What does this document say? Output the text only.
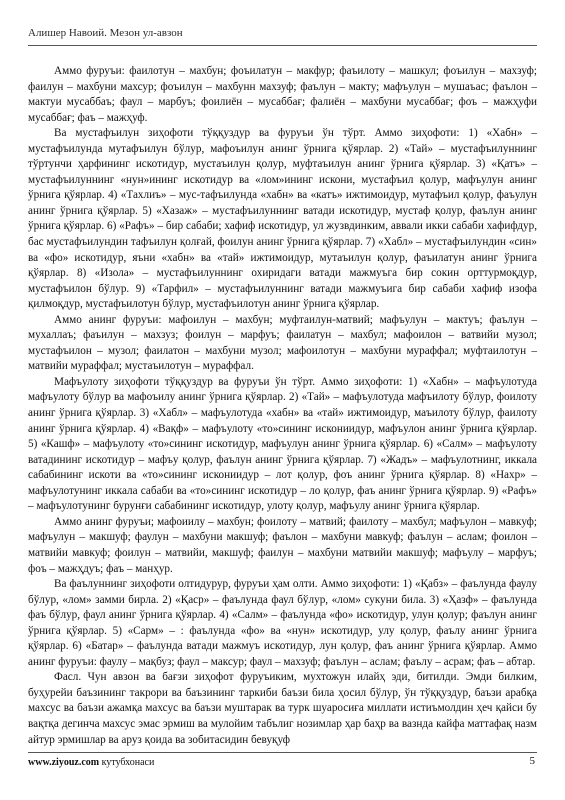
Алишер Навоий. Мезон ул-авзон

Аммо фуруъи: фаилотун – махбун; фоъилатун – макфур; фаъилоту – машкул; фоъилун – махзуф; фаилун – махбуни махсур; фоъилун – махбунн махзуф; фаълун – макту; мафъулун – мушаъас; фаълон – мактуи мусаббаъ; фаул – марбуъ; фоилиён – мусаббағ; фалиён – махбуни мусаббағ; фоъ – мажҳуфи мусаббағ; фаъ – мажҳуф.

Ва мустафъилун зиҳофоти тўққуздур ва фуруъи ўн тўрт. Аммо зиҳофоти: 1) «Хабн» – мустафъилунда мутафъилун бўлур, мафоъилун анинг ўрнига қўярлар. 2) «Тай» – мустафъилуннинг тўртунчи ҳарфининг искотидур, мустаъилун қолур, муфтаъилун анинг ўрнига қўярлар. 3) «Қатъ» – мустафъилуннинг «нун»ининг искотидур ва «лом»ининг искони, мустафъил қолур, мафъулун анинг ўрнига қўярлар. 4) «Тахлиъ» – мус-тафъилунда «хабн» ва «катъ» ижтимоидур, мутафъил қолур, фаъулун анинг ўрнига қўярлар. 5) «Хазаж» – мустафъилуннинг ватади искотидур, мустаф қолур, фаълун анинг ўрнига қўярлар. 6) «Рафъ» – бир сабаби; хафиф искотидур, ул жузвдинким, аввали икки сабаби хафифдур, бас мустафъилундин тафъилун қолғай, фоилун анинг ўрнига қўярлар. 7) «Хабл» – мустафъилундин «син» ва «фо» искотидур, яъни «хабн» ва «тай» ижтимоидур, мутаъилун қолур, фаъилатун анинг ўрнига қўярлар. 8) «Изола» – мустафъилуннинг охиридаги ватади мажмуъга бир сокин орттурмоқдур, мустафъилон бўлур. 9) «Тарфил» – мустафъилуннинг ватади мажмуъига бир сабаби хафиф изофа қилмоқдур, мустафъилотун бўлур, мустафъилотун анинг ўрнига қўярлар.

Аммо анинг фуруъи: мафоилун – махбун; муфтаилун-матвий; мафъулун – мактуъ; фаълун – мухаллаъ; фаъилун – махзуз; фоилун – марфуъ; фаилатун – махбул; мафоилон – ватвийи музол; мустафъилон – музол; фаилатон – махбуни музол; мафоилотун – махбуни мураффал; муфтаилотун – матвийи мураффал; мустаъилотун – мураффал.

Мафъулоту зиҳофоти тўққуздур ва фуруъи ўн тўрт. Аммо зиҳофоти: 1) «Хабн» – мафъулотуда мафъулоту бўлур ва мафоъилу анинг ўрнига қўярлар. 2) «Тай» – мафъулотуда мафъилоту бўлур, фоилоту анинг ўрнига қўярлар. 3) «Хабл» – мафъулотуда «хабн» ва «тай» ижтимоидур, маъилоту бўлур, фаилоту анинг ўрнига қўярлар. 4) «Вақф» – мафъулоту «то»сининг искониидур, мафъулон анинг ўрнига қўярлар. 5) «Кашф» – мафъулоту «то»сининг искотидур, мафъулун анинг ўрнига қўярлар. 6) «Салм» – мафъулоту ватадининг искотидур – мафъу қолур, фаълун анинг ўрнига қўярлар. 7) «Жадъ» – мафъулотнинг, иккала сабабининг искоти ва «то»сининг искониидур – лот қолур, фоъ анинг ўрнига қўярлар. 8) «Нахр» – мафъулотунинг иккала сабаби ва «то»сининг искотидур – ло қолур, фаъ анинг ўрнига қўярлар. 9) «Рафъ» – мафъулотунинг бурунғи сабабининг искотидур, улоту қолур, мафъулу анинг ўрнига қўярлар.

Аммо анинг фуруъи; мафоиилу – махбун; фоилоту – матвий; фаилоту – махбул; мафъулон – мавкуф; мафъулун – макшуф; фаулун – махбуни макшуф; фаълон – махбуни мавкуф; фаълун – аслам; фоилон – матвийи мавкуф; фоилун – матвийи, макшуф; фаилун – махбуни матвийи макшуф; мафъулу – марфуъ; фоъ – мажҳдуъ; фаъ – манҳур.

Ва фаълуннинг зиҳофоти олтидурур, фуруъи ҳам олти. Аммо зиҳофоти: 1) «Қабз» – фаълунда фаулу бўлур, «лом» замми бирла. 2) «Қаср» – фаълунда фаул бўлур, «лом» сукуни била. 3) «Ҳазф» – фаълунда фаъ бўлур, фаул анинг ўрнига қўярлар. 4) «Салм» – фаълунда «фо» искотидур, улун қолур; фаълун анинг ўрнига қўярлар. 5) «Сарм» – : фаълунда «фо» ва «нун» искотидур, улу қолур, фаълу анинг ўрнига қўярлар. 6) «Батар» – фаълунда ватади мажмуъ искотидур, лун қолур, фаъ анинг ўрнига қўярлар. Аммо анинг фуруъи: фаулу – мақбуз; фаул – максур; фаул – махзуф; фаълун – аслам; фаълу – асрам; фаъ – абтар.

Фасл. Чун авзон ва бағзи зиҳофот фуруъиким, мухтожун илайҳ эди, битилди. Эмди билким, буҳурейи баъзининг такрори ва баъзининг таркиби баъзи била ҳосил бўлур, ўн тўққуздур, баъзи арабқа махсус ва баъзи ажамқа махсус ва баъзи муштарак ва турк шуаросиға миллати истиъмолдин ҳеч қайси бу вақтқа дегинча махсус эмас эрмиш ва мулойим табълиг нозимлар ҳар баҳр ва вазнда кайфа маттафақ назм айтур эрмишлар ва аруз қоида ва зобитасидин бевуқуф

www.ziyouz.com кутубхонаси	5
